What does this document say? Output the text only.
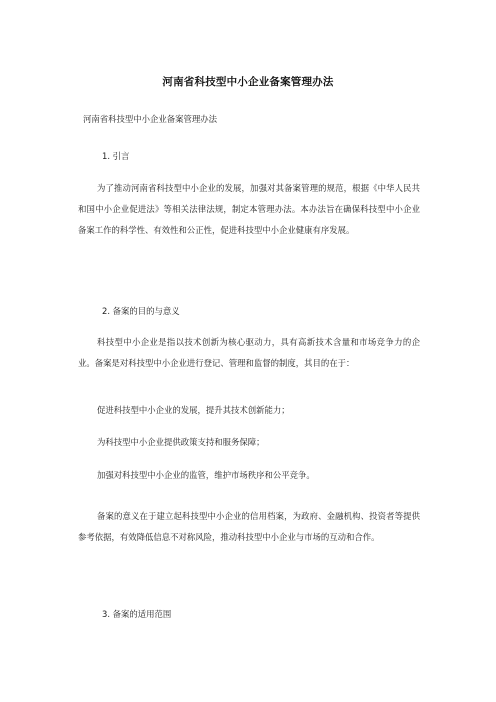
河南省科技型中小企业备案管理办法

河南省科技型中小企业备案管理办法

1. 引言

为了推动河南省科技型中小企业的发展，加强对其备案管理的规范，根据《中华人民共和国中小企业促进法》等相关法律法规，制定本管理办法。本办法旨在确保科技型中小企业备案工作的科学性、有效性和公正性，促进科技型中小企业健康有序发展。

2. 备案的目的与意义

科技型中小企业是指以技术创新为核心驱动力，具有高新技术含量和市场竞争力的企业。备案是对科技型中小企业进行登记、管理和监督的制度，其目的在于：

促进科技型中小企业的发展，提升其技术创新能力；

为科技型中小企业提供政策支持和服务保障；

加强对科技型中小企业的监管，维护市场秩序和公平竞争。

备案的意义在于建立起科技型中小企业的信用档案，为政府、金融机构、投资者等提供参考依据，有效降低信息不对称风险，推动科技型中小企业与市场的互动和合作。

3. 备案的适用范围
